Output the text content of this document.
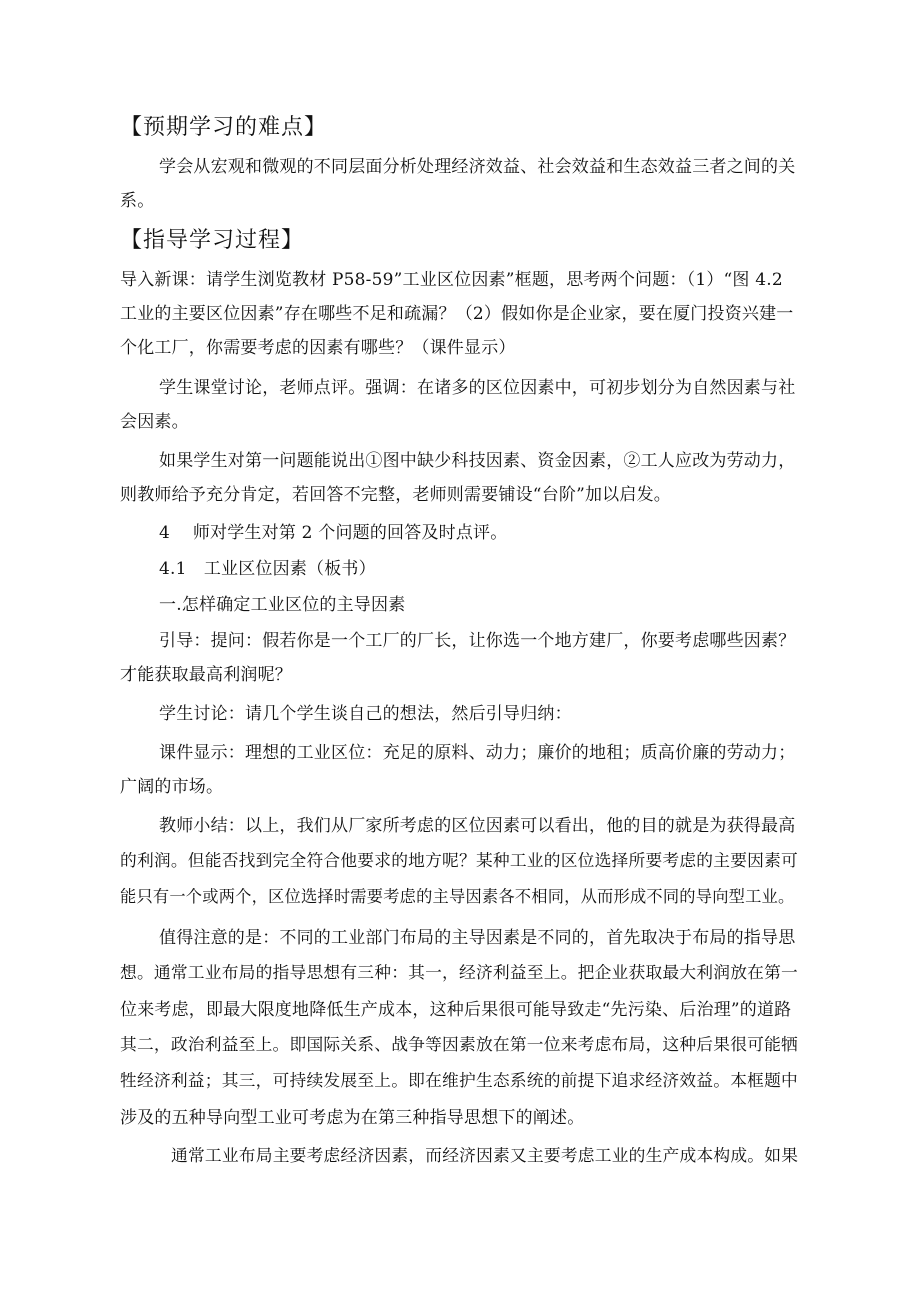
【预期学习的难点】
学会从宏观和微观的不同层面分析处理经济效益、社会效益和生态效益三者之间的关
系。
【指导学习过程】
导入新课：请学生浏览教材 P58-59”工业区位因素”框题，思考两个问题：（1）“图 4.2
工业的主要区位因素”存在哪些不足和疏漏？（2）假如你是企业家，要在厦门投资兴建一
个化工厂，你需要考虑的因素有哪些？（课件显示）
学生课堂讨论，老师点评。强调：在诸多的区位因素中，可初步划分为自然因素与社
会因素。
如果学生对第一问题能说出①图中缺少科技因素、资金因素，②工人应改为劳动力，
则教师给予充分肯定，若回答不完整，老师则需要铺设“台阶”加以启发。
4　 师对学生对第 2 个问题的回答及时点评。
4.1　工业区位因素（板书）
一.怎样确定工业区位的主导因素
引导：提问：假若你是一个工厂的厂长，让你选一个地方建厂，你要考虑哪些因素？
才能获取最高利润呢？
学生讨论：请几个学生谈自己的想法，然后引导归纳：
课件显示：理想的工业区位：充足的原料、动力；廉价的地租；质高价廉的劳动力；
广阔的市场。
教师小结：以上，我们从厂家所考虑的区位因素可以看出，他的目的就是为获得最高
的利润。但能否找到完全符合他要求的地方呢？某种工业的区位选择所要考虑的主要因素可
能只有一个或两个，区位选择时需要考虑的主导因素各不相同，从而形成不同的导向型工业。
值得注意的是：不同的工业部门布局的主导因素是不同的，首先取决于布局的指导思
想。通常工业布局的指导思想有三种：其一，经济利益至上。把企业获取最大利润放在第一
位来考虑，即最大限度地降低生产成本，这种后果很可能导致走“先污染、后治理”的道路
其二，政治利益至上。即国际关系、战争等因素放在第一位来考虑布局，这种后果很可能牺
牲经济利益；其三，可持续发展至上。即在维护生态系统的前提下追求经济效益。本框题中
涉及的五种导向型工业可考虑为在第三种指导思想下的阐述。
通常工业布局主要考虑经济因素，而经济因素又主要考虑工业的生产成本构成。如果
